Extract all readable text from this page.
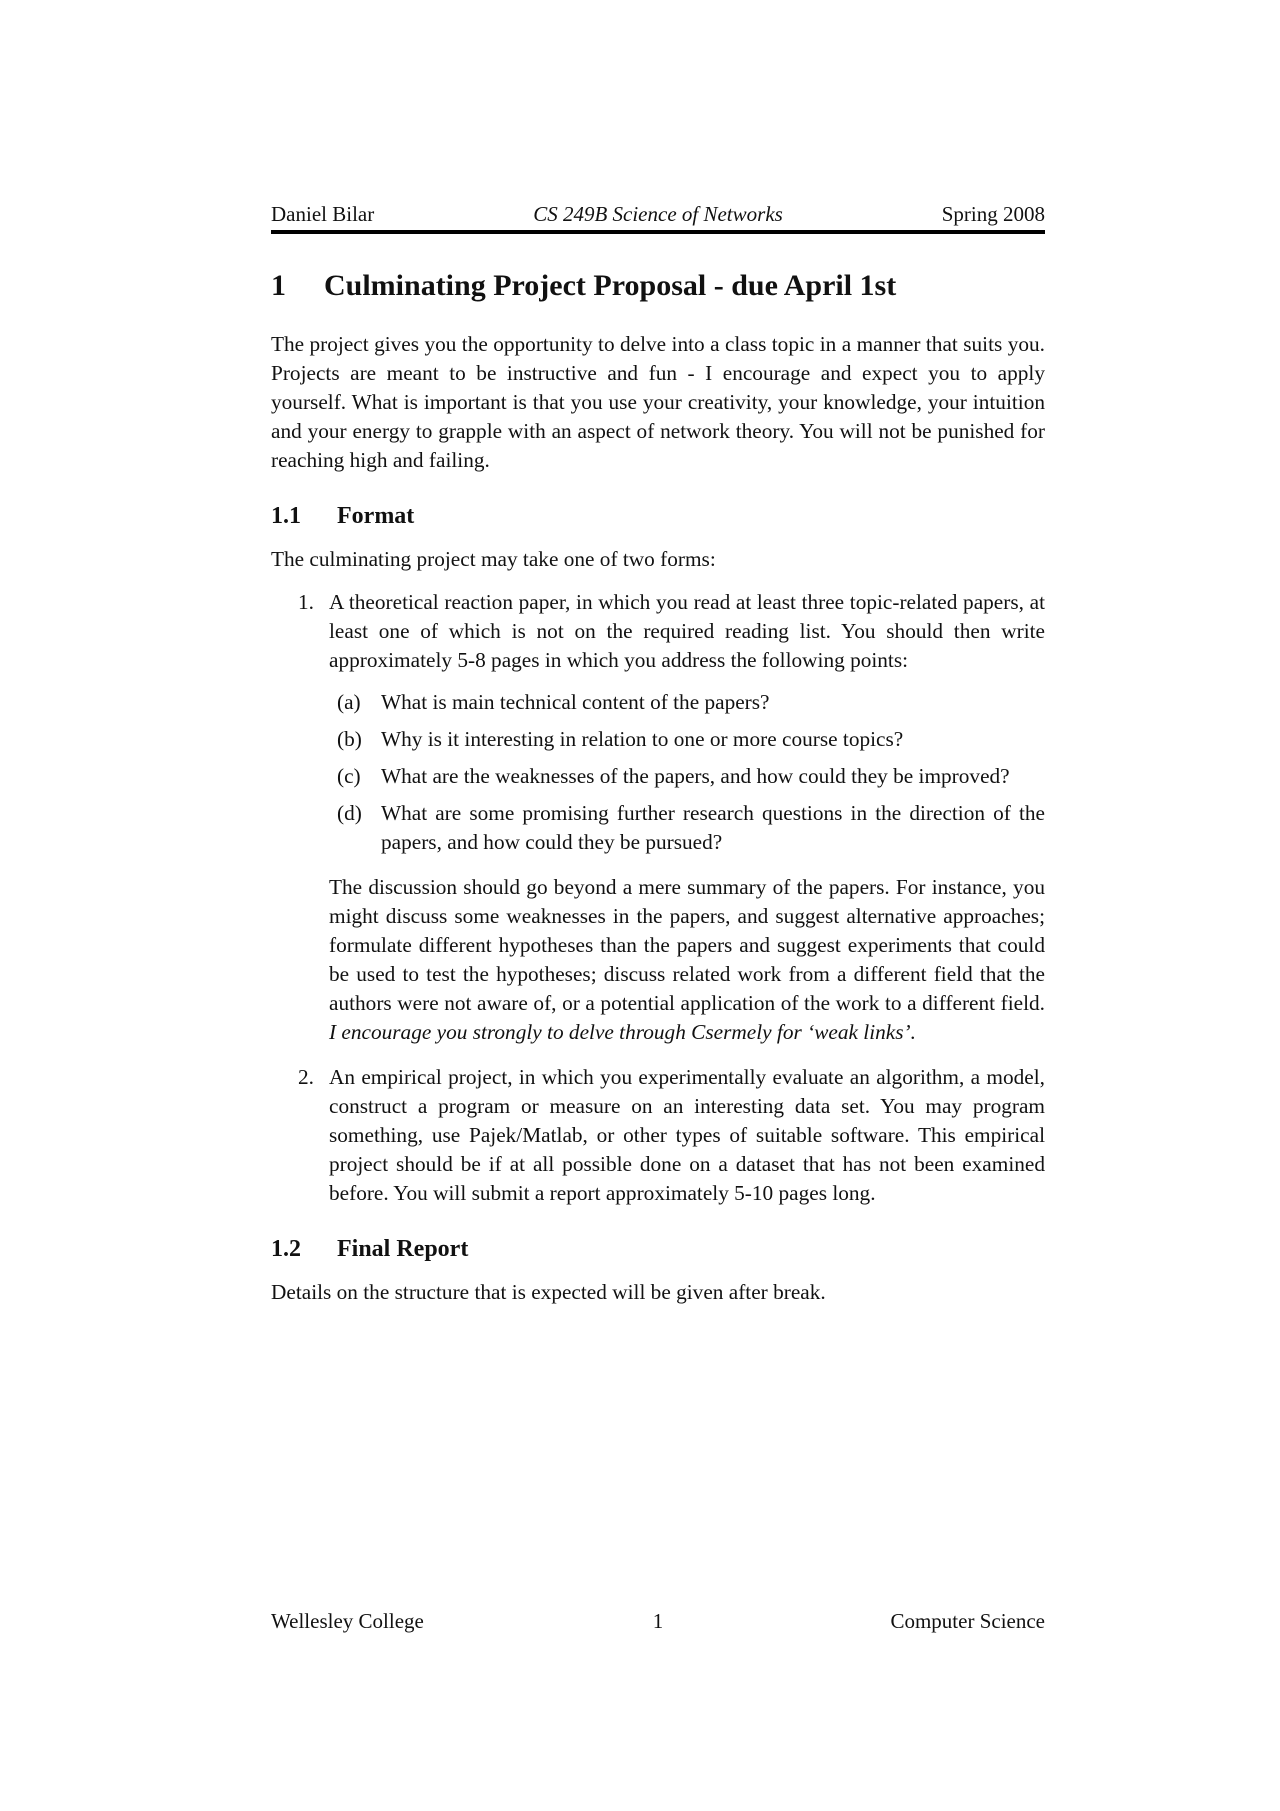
Daniel Bilar	CS 249B Science of Networks	Spring 2008
1 Culminating Project Proposal - due April 1st

The project gives you the opportunity to delve into a class topic in a manner that suits you. Projects are meant to be instructive and fun - I encourage and expect you to apply yourself. What is important is that you use your creativity, your knowledge, your intuition and your energy to grapple with an aspect of network theory. You will not be punished for reaching high and failing.

1.1 Format

The culminating project may take one of two forms:

1. A theoretical reaction paper, in which you read at least three topic-related papers, at least one of which is not on the required reading list. You should then write approximately 5-8 pages in which you address the following points:

(a) What is main technical content of the papers?
(b) Why is it interesting in relation to one or more course topics?
(c) What are the weaknesses of the papers, and how could they be improved?
(d) What are some promising further research questions in the direction of the papers, and how could they be pursued?

The discussion should go beyond a mere summary of the papers. For instance, you might discuss some weaknesses in the papers, and suggest alternative approaches; formulate different hypotheses than the papers and suggest experiments that could be used to test the hypotheses; discuss related work from a different field that the authors were not aware of, or a potential application of the work to a different field. I encourage you strongly to delve through Csermely for ‘weak links’.

2. An empirical project, in which you experimentally evaluate an algorithm, a model, construct a program or measure on an interesting data set. You may program something, use Pajek/Matlab, or other types of suitable software. This empirical project should be if at all possible done on a dataset that has not been examined before. You will submit a report approximately 5-10 pages long.

1.2 Final Report

Details on the structure that is expected will be given after break.

Wellesley College	1	Computer Science
